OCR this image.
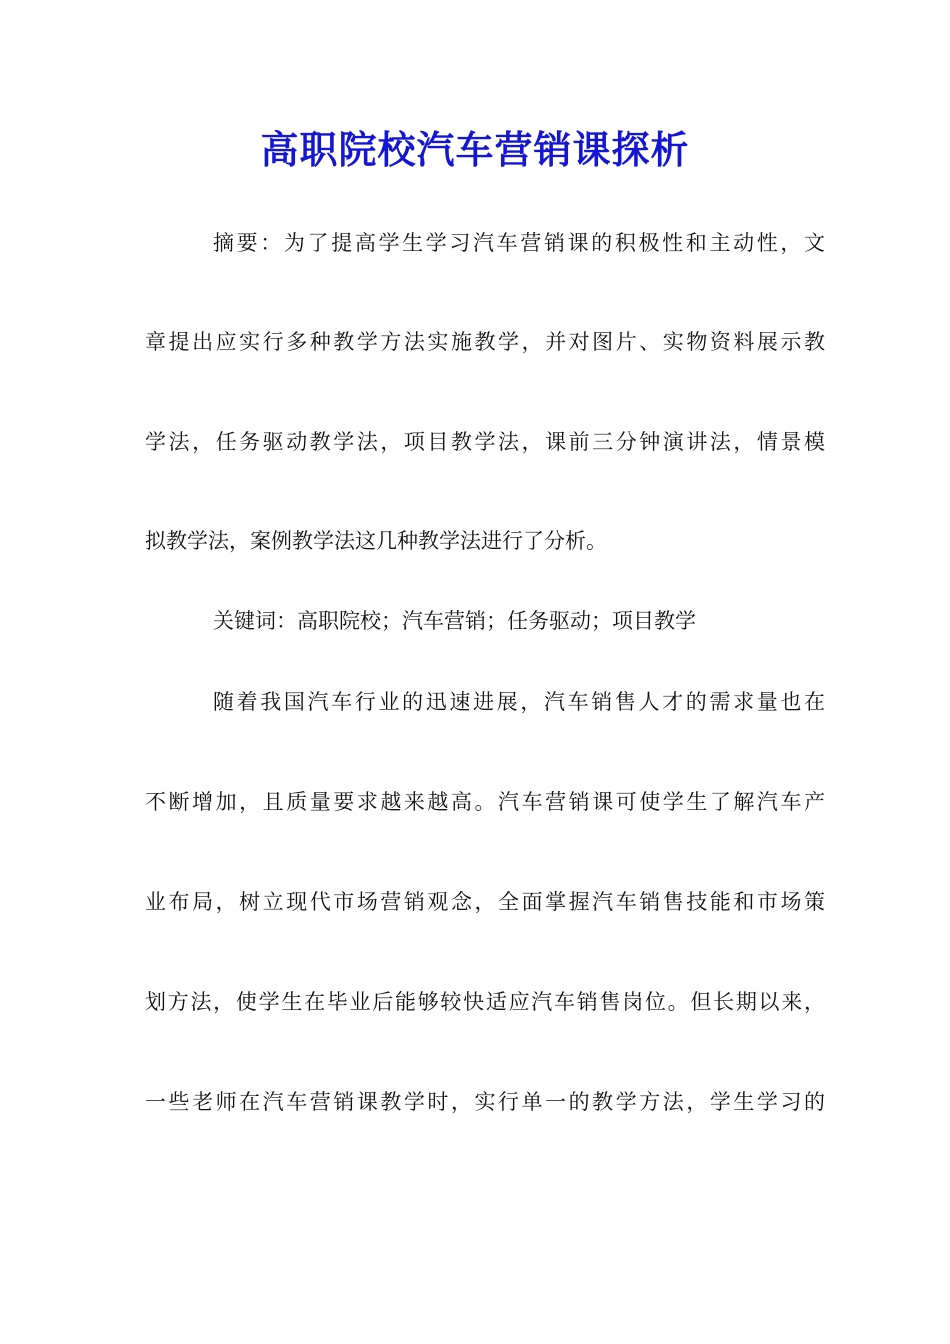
高职院校汽车营销课探析
摘要：为了提高学生学习汽车营销课的积极性和主动性，文
章提出应实行多种教学方法实施教学，并对图片、实物资料展示教
学法，任务驱动教学法，项目教学法，课前三分钟演讲法，情景模
拟教学法，案例教学法这几种教学法进行了分析。
关键词：高职院校；汽车营销；任务驱动；项目教学
随着我国汽车行业的迅速进展，汽车销售人才的需求量也在
不断增加，且质量要求越来越高。汽车营销课可使学生了解汽车产
业布局，树立现代市场营销观念，全面掌握汽车销售技能和市场策
划方法，使学生在毕业后能够较快适应汽车销售岗位。但长期以来，
一些老师在汽车营销课教学时，实行单一的教学方法，学生学习的
